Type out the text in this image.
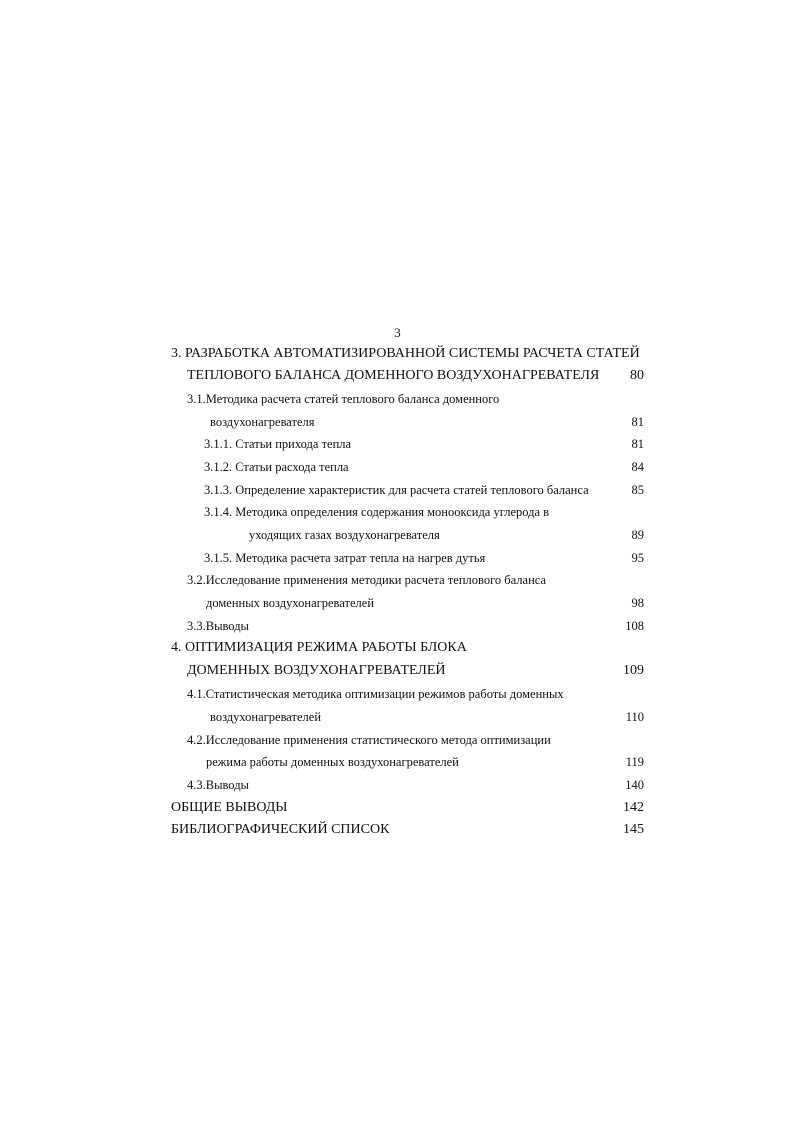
3
3. РАЗРАБОТКА АВТОМАТИЗИРОВАННОЙ СИСТЕМЫ РАСЧЕТА СТАТЕЙ
ТЕПЛОВОГО БАЛАНСА ДОМЕННОГО ВОЗДУХОНАГРЕВАТЕЛЯ 80
3.1.Методика расчета статей теплового баланса доменного
воздухонагревателя	81
3.1.1. Статьи прихода тепла	81
3.1.2. Статьи расхода тепла	84
3.1.3. Определение характеристик для расчета статей теплового баланса	85
3.1.4. Методика определения содержания монооксида углерода в
уходящих газах воздухонагревателя	89
3.1.5. Методика расчета затрат тепла на нагрев дутья	95
3.2.Исследование применения методики расчета теплового баланса
доменных воздухонагревателей	98
3.3.Выводы	108
4. ОПТИМИЗАЦИЯ РЕЖИМА РАБОТЫ БЛОКА
ДОМЕННЫХ ВОЗДУХОНАГРЕВАТЕЛЕЙ	109
4.1.Статистическая методика оптимизации режимов работы доменных
воздухонагревателей	110
4.2.Исследование применения статистического метода оптимизации
режима работы доменных воздухонагревателей	119
4.3.Выводы	140
ОБЩИЕ ВЫВОДЫ	142
БИБЛИОГРАФИЧЕСКИЙ СПИСОК	145
